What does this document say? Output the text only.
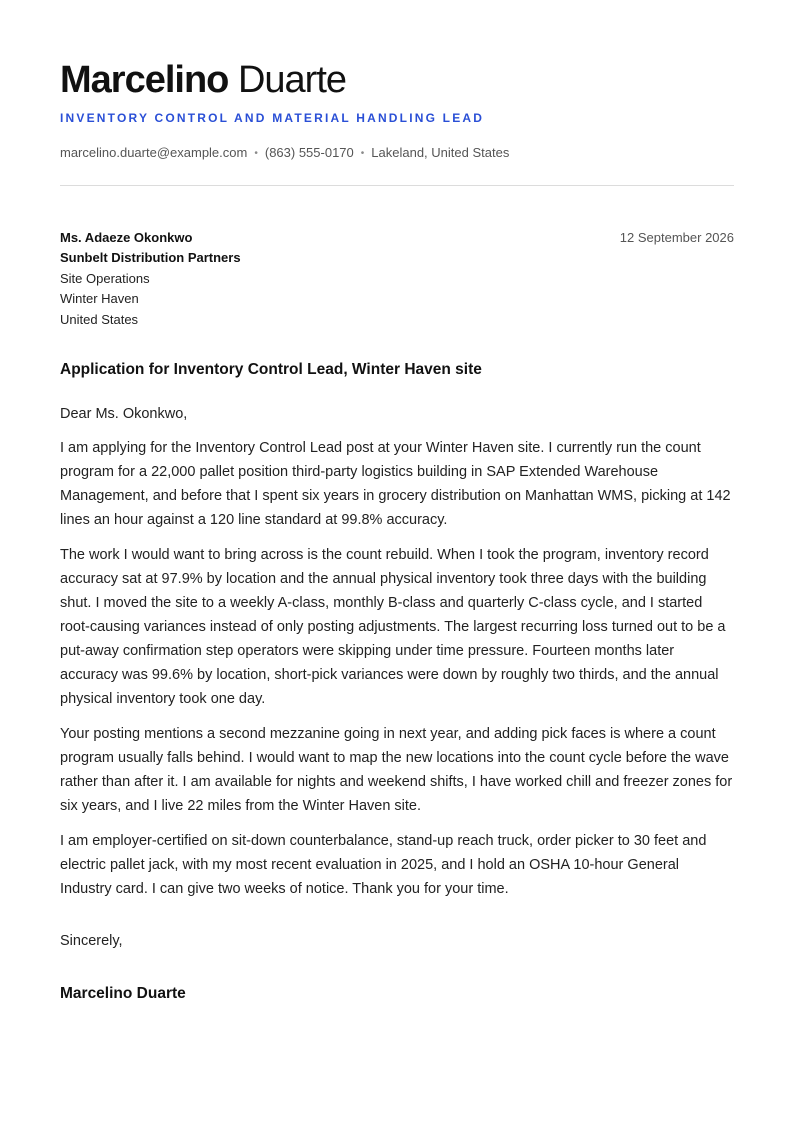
Marcelino Duarte
INVENTORY CONTROL AND MATERIAL HANDLING LEAD
marcelino.duarte@example.com • (863) 555-0170 • Lakeland, United States
Ms. Adaeze Okonkwo
Sunbelt Distribution Partners
Site Operations
Winter Haven
United States
12 September 2026
Application for Inventory Control Lead, Winter Haven site

Dear Ms. Okonkwo,

I am applying for the Inventory Control Lead post at your Winter Haven site. I currently run the count program for a 22,000 pallet position third-party logistics building in SAP Extended Warehouse Management, and before that I spent six years in grocery distribution on Manhattan WMS, picking at 142 lines an hour against a 120 line standard at 99.8% accuracy.

The work I would want to bring across is the count rebuild. When I took the program, inventory record accuracy sat at 97.9% by location and the annual physical inventory took three days with the building shut. I moved the site to a weekly A-class, monthly B-class and quarterly C-class cycle, and I started root-causing variances instead of only posting adjustments. The largest recurring loss turned out to be a put-away confirmation step operators were skipping under time pressure. Fourteen months later accuracy was 99.6% by location, short-pick variances were down by roughly two thirds, and the annual physical inventory took one day.

Your posting mentions a second mezzanine going in next year, and adding pick faces is where a count program usually falls behind. I would want to map the new locations into the count cycle before the wave rather than after it. I am available for nights and weekend shifts, I have worked chill and freezer zones for six years, and I live 22 miles from the Winter Haven site.

I am employer-certified on sit-down counterbalance, stand-up reach truck, order picker to 30 feet and electric pallet jack, with my most recent evaluation in 2025, and I hold an OSHA 10-hour General Industry card. I can give two weeks of notice. Thank you for your time.

Sincerely,
Marcelino Duarte
